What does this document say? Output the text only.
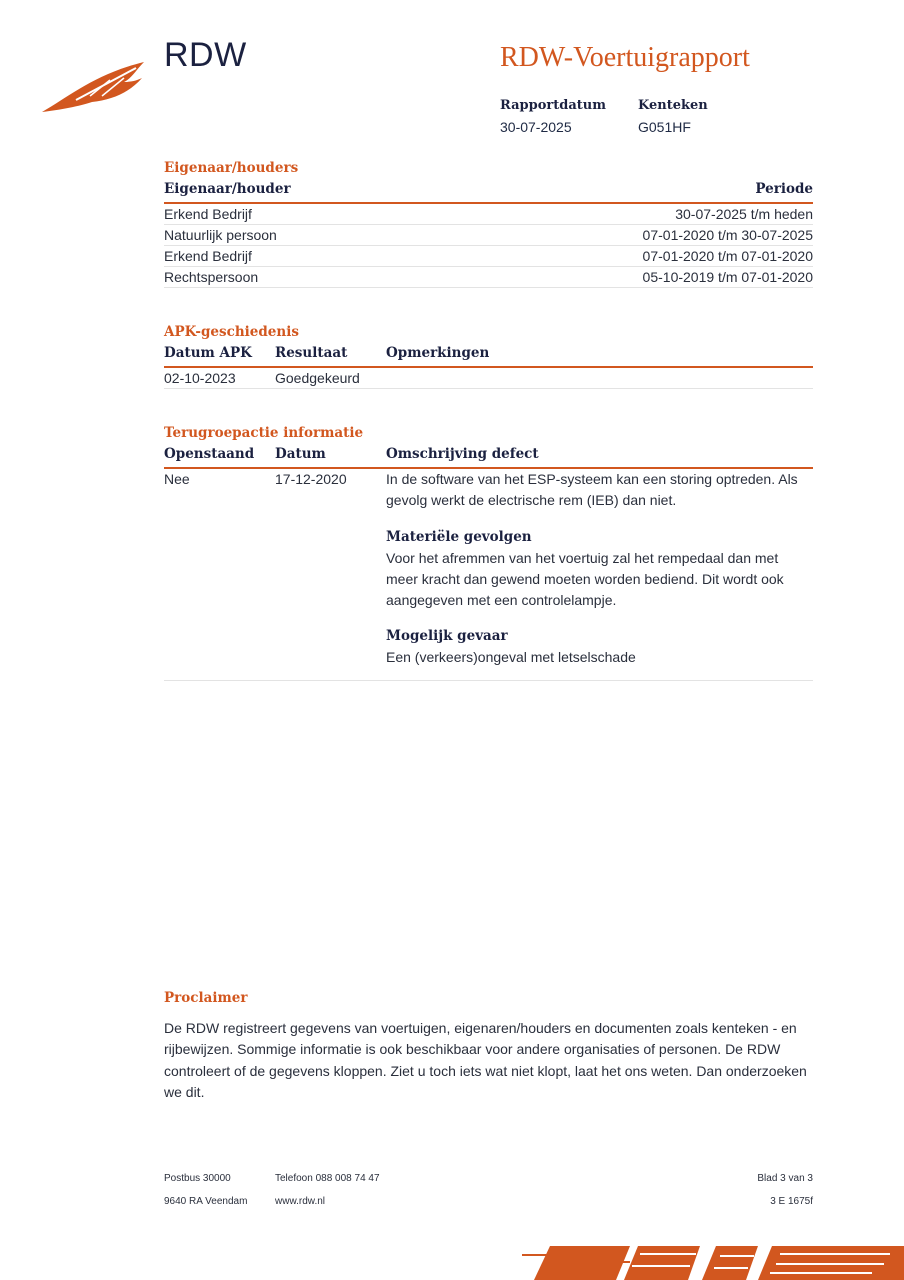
RDW	RDW-Voertuigrapport
Rapportdatum
30-07-2025
Kenteken
G051HF
Eigenaar/houders
Eigenaar/houder	Periode
Erkend Bedrijf	30-07-2025 t/m heden
Natuurlijk persoon	07-01-2020 t/m 30-07-2025
Erkend Bedrijf	07-01-2020 t/m 07-01-2020
Rechtspersoon	05-10-2019 t/m 07-01-2020
APK-geschiedenis
Datum APK Resultaat	Opmerkingen
02-10-2023	Goedgekeurd
Terugroepactie informatie
Openstaand Datum	Omschrijving defect
Nee	17-12-2020	In de software van het ESP-systeem kan een storing optreden. Als
gevolg werkt de electrische rem (IEB) dan niet.
Materiële gevolgen
Voor het afremmen van het voertuig zal het rempedaal dan met
meer kracht dan gewend moeten worden bediend. Dit wordt ook
aangegeven met een controlelampje.
Mogelijk gevaar
Een (verkeers)ongeval met letselschade
Proclaimer
De RDW registreert gegevens van voertuigen, eigenaren/houders en documenten zoals kenteken - en
rijbewijzen. Sommige informatie is ook beschikbaar voor andere organisaties of personen. De RDW
controleert of de gegevens kloppen. Ziet u toch iets wat niet klopt, laat het ons weten. Dan onderzoeken
we dit.
Postbus 30000
9640 RA Veendam
Telefoon 088 008 74 47
www.rdw.nl
Blad 3 van 3
3 E 1675f
